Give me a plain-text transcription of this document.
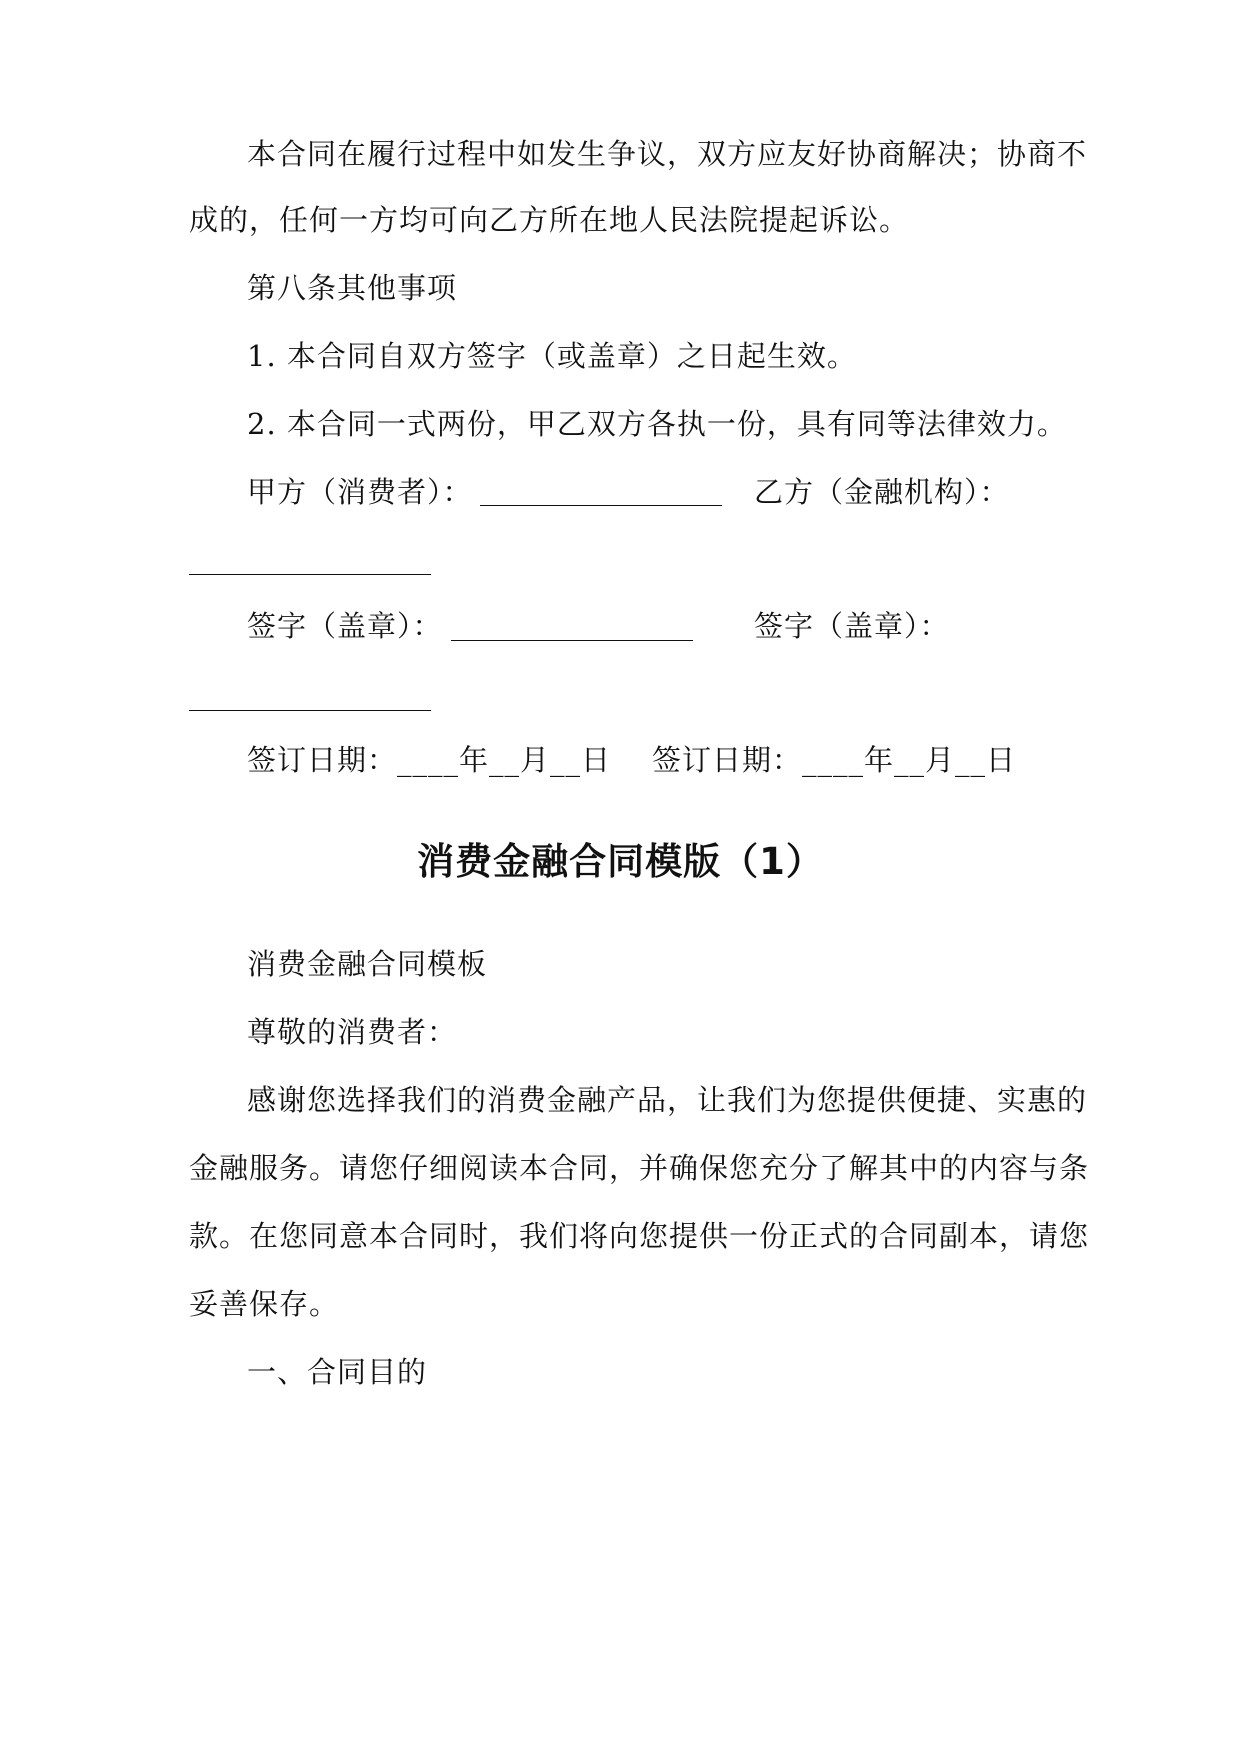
本合同在履行过程中如发生争议，双方应友好协商解决；协商不
成的，任何一方均可向乙方所在地人民法院提起诉讼。
第八条其他事项
1. 本合同自双方签字（或盖章）之日起生效。
2. 本合同一式两份，甲乙双方各执一份，具有同等法律效力。
甲方（消费者）：	乙方（金融机构）：
签字（盖章）：	签字（盖章）：
签订日期：____年__月__日 签订日期：____年__月__日
消费金融合同模版（1）
消费金融合同模板
尊敬的消费者：
感谢您选择我们的消费金融产品，让我们为您提供便捷、实惠的
金融服务。请您仔细阅读本合同，并确保您充分了解其中的内容与条
款。在您同意本合同时，我们将向您提供一份正式的合同副本，请您
妥善保存。
一、合同目的
